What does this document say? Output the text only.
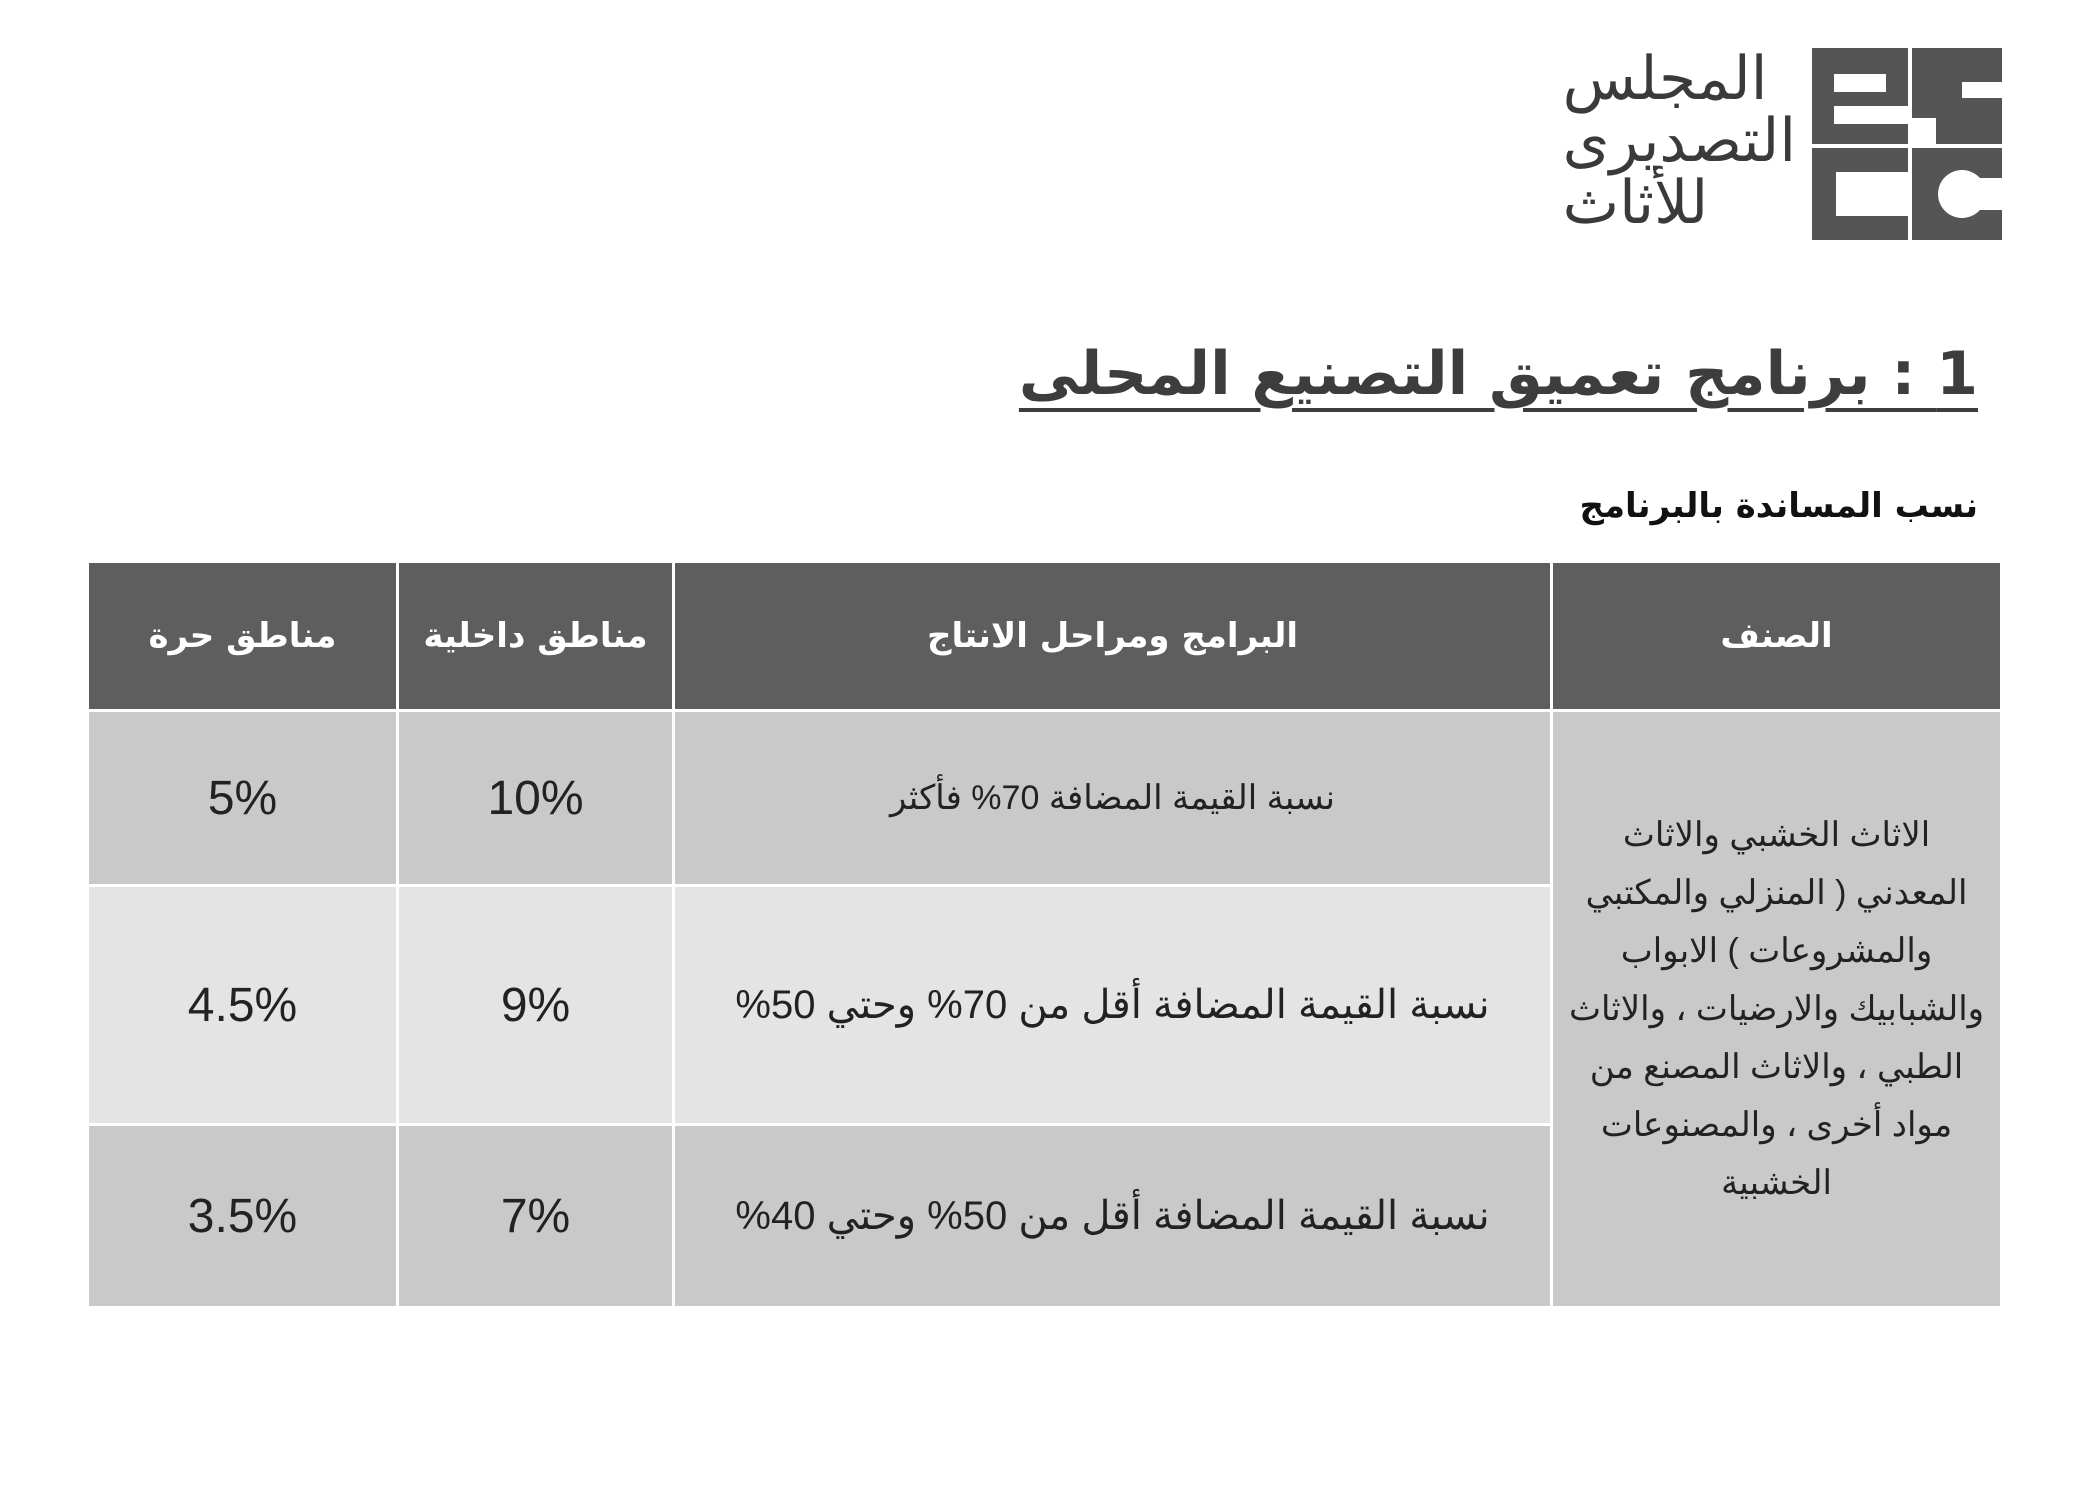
المجلس
التصديرى
للأثاث
1 : برنامج تعميق التصنيع المحلى
نسب المساندة بالبرنامج
الصنف	البرامج ومراحل الانتاج	مناطق داخلية	مناطق حرة
الاثاث الخشبي والاثاث المعدني ( المنزلي والمكتبي والمشروعات ) الابواب والشبابيك والارضيات ، والاثاث الطبي ، والاثاث المصنع من مواد أخرى ، والمصنوعات الخشبية	نسبة القيمة المضافة 70% فأكثر	10%	5%
	نسبة القيمة المضافة أقل من 70% وحتي 50%	9%	4.5%
	نسبة القيمة المضافة أقل من 50% وحتي 40%	7%	3.5%
